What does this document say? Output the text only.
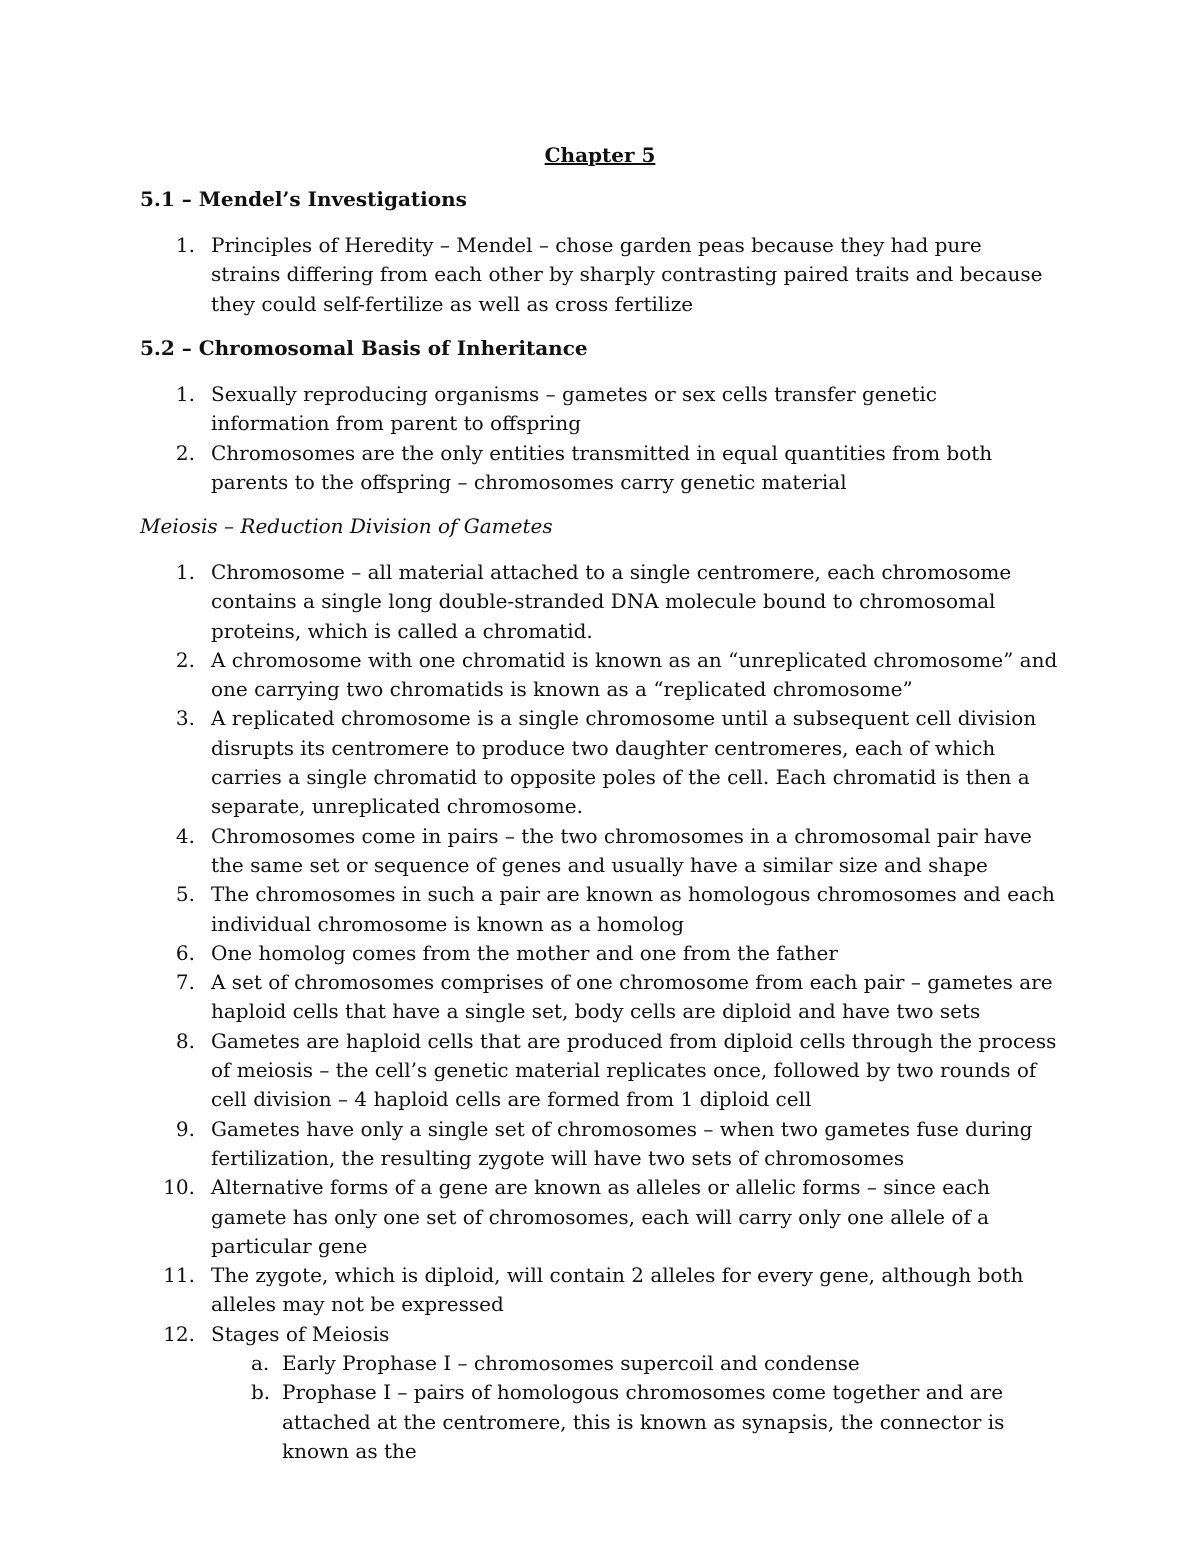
Chapter 5
5.1 – Mendel’s Investigations
1. Principles of Heredity – Mendel – chose garden peas because they had pure strains differing from each other by sharply contrasting paired traits and because they could self-fertilize as well as cross fertilize
5.2 – Chromosomal Basis of Inheritance
1. Sexually reproducing organisms – gametes or sex cells transfer genetic information from parent to offspring
2. Chromosomes are the only entities transmitted in equal quantities from both parents to the offspring – chromosomes carry genetic material
Meiosis – Reduction Division of Gametes
1. Chromosome – all material attached to a single centromere, each chromosome contains a single long double-stranded DNA molecule bound to chromosomal proteins, which is called a chromatid.
2. A chromosome with one chromatid is known as an “unreplicated chromosome” and one carrying two chromatids is known as a “replicated chromosome”
3. A replicated chromosome is a single chromosome until a subsequent cell division disrupts its centromere to produce two daughter centromeres, each of which carries a single chromatid to opposite poles of the cell. Each chromatid is then a separate, unreplicated chromosome.
4. Chromosomes come in pairs – the two chromosomes in a chromosomal pair have the same set or sequence of genes and usually have a similar size and shape
5. The chromosomes in such a pair are known as homologous chromosomes and each individual chromosome is known as a homolog
6. One homolog comes from the mother and one from the father
7. A set of chromosomes comprises of one chromosome from each pair – gametes are haploid cells that have a single set, body cells are diploid and have two sets
8. Gametes are haploid cells that are produced from diploid cells through the process of meiosis – the cell’s genetic material replicates once, followed by two rounds of cell division – 4 haploid cells are formed from 1 diploid cell
9. Gametes have only a single set of chromosomes – when two gametes fuse during fertilization, the resulting zygote will have two sets of chromosomes
10. Alternative forms of a gene are known as alleles or allelic forms – since each gamete has only one set of chromosomes, each will carry only one allele of a particular gene
11. The zygote, which is diploid, will contain 2 alleles for every gene, although both alleles may not be expressed
12. Stages of Meiosis
a. Early Prophase I – chromosomes supercoil and condense
b. Prophase I – pairs of homologous chromosomes come together and are attached at the centromere, this is known as synapsis, the connector is known as the
